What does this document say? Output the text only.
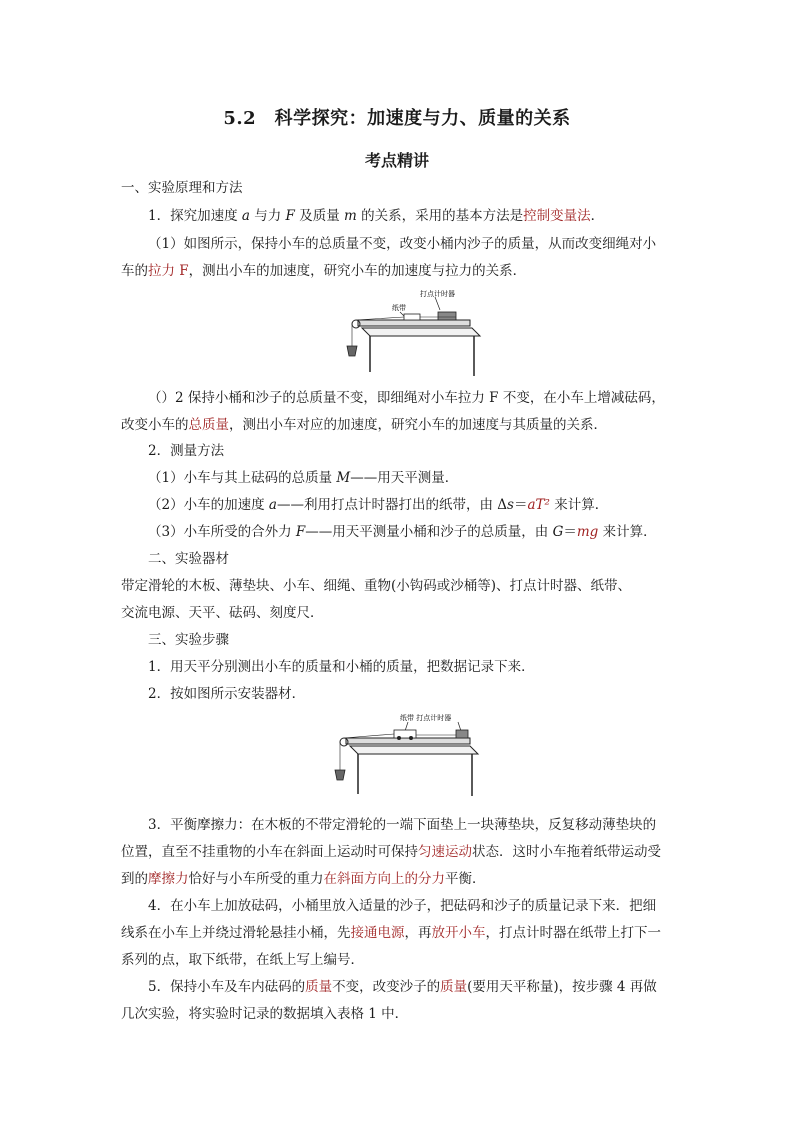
5.2　科学探究：加速度与力、质量的关系
考点精讲
一、实验原理和方法
1．探究加速度 a 与力 F 及质量 m 的关系，采用的基本方法是控制变量法．
（1）如图所示，保持小车的总质量不变，改变小桶内沙子的质量，从而改变细绳对小
车的拉力 F，测出小车的加速度，研究小车的加速度与拉力的关系．
打点计时器
纸带
（）2 保持小桶和沙子的总质量不变，即细绳对小车拉力 F 不变，在小车上增减砝码，
改变小车的总质量，测出小车对应的加速度，研究小车的加速度与其质量的关系．
2．测量方法
（1）小车与其上砝码的总质量 M——用天平测量．
（2）小车的加速度 a——利用打点计时器打出的纸带，由 Δs＝aT² 来计算．
（3）小车所受的合外力 F——用天平测量小桶和沙子的总质量，由 G＝mg 来计算．
二、实验器材
带定滑轮的木板、薄垫块、小车、细绳、重物(小钩码或沙桶等)、打点计时器、纸带、
交流电源、天平、砝码、刻度尺．
三、实验步骤
1．用天平分别测出小车的质量和小桶的质量，把数据记录下来．
2．按如图所示安装器材．
纸带 打点计时器
3．平衡摩擦力：在木板的不带定滑轮的一端下面垫上一块薄垫块，反复移动薄垫块的
位置，直至不挂重物的小车在斜面上运动时可保持匀速运动状态．这时小车拖着纸带运动受
到的摩擦力恰好与小车所受的重力在斜面方向上的分力平衡．
4．在小车上加放砝码，小桶里放入适量的沙子，把砝码和沙子的质量记录下来．把细
线系在小车上并绕过滑轮悬挂小桶，先接通电源，再放开小车，打点计时器在纸带上打下一
系列的点，取下纸带，在纸上写上编号．
5．保持小车及车内砝码的质量不变，改变沙子的质量(要用天平称量)，按步骤 4 再做
几次实验，将实验时记录的数据填入表格 1 中．
